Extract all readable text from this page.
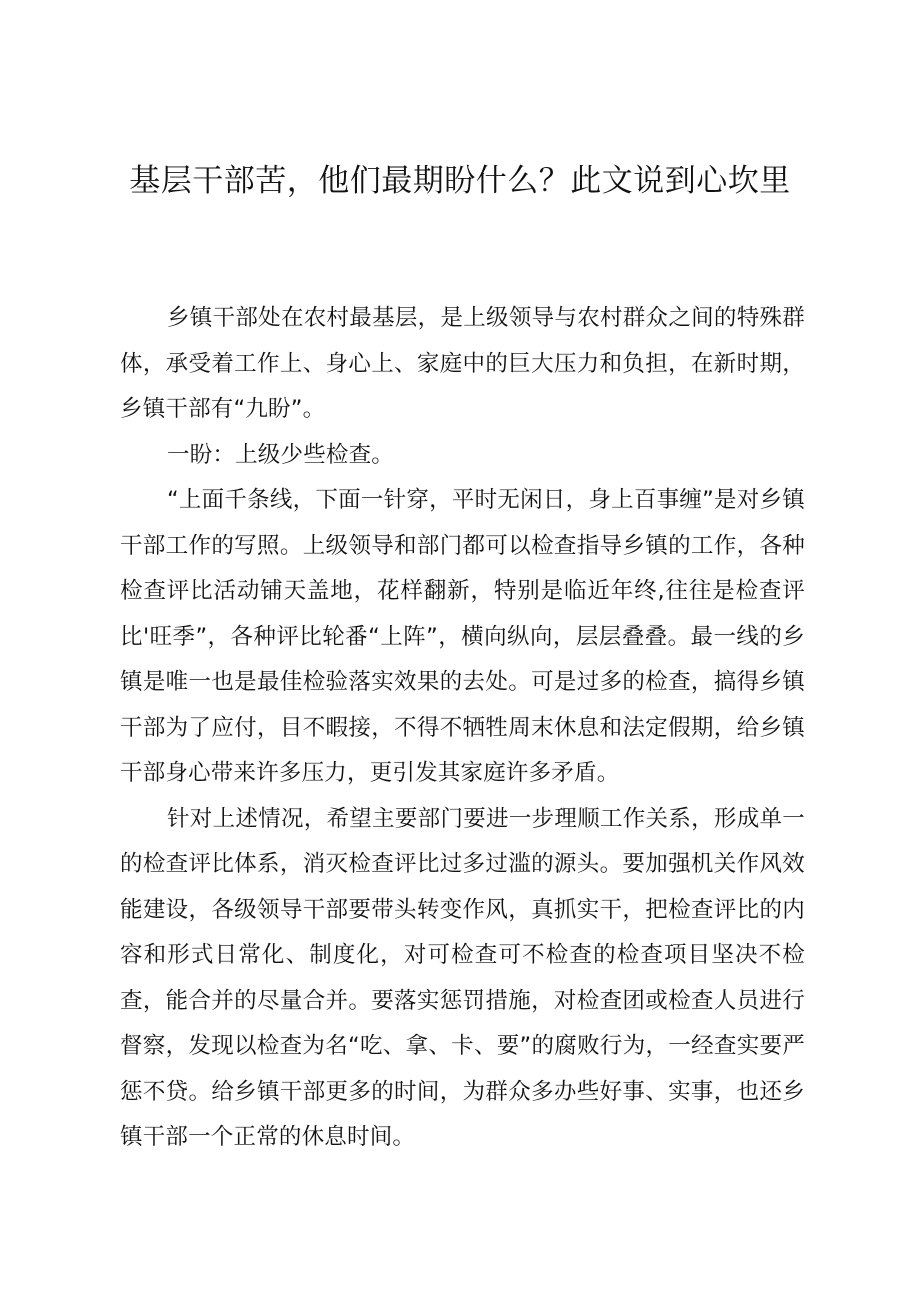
基层干部苦，他们最期盼什么？此文说到心坎里

乡镇干部处在农村最基层，是上级领导与农村群众之间的特殊群体，承受着工作上、身心上、家庭中的巨大压力和负担，在新时期，乡镇干部有“九盼”。

一盼：上级少些检查。

“上面千条线，下面一针穿，平时无闲日，身上百事缠”是对乡镇干部工作的写照。上级领导和部门都可以检查指导乡镇的工作，各种检查评比活动铺天盖地，花样翻新，特别是临近年终,往往是检查评比'旺季”，各种评比轮番“上阵”，横向纵向，层层叠叠。最一线的乡镇是唯一也是最佳检验落实效果的去处。可是过多的检查，搞得乡镇干部为了应付，目不暇接，不得不牺牲周末休息和法定假期，给乡镇干部身心带来许多压力，更引发其家庭许多矛盾。

针对上述情况，希望主要部门要进一步理顺工作关系，形成单一的检查评比体系，消灭检查评比过多过滥的源头。要加强机关作风效能建设，各级领导干部要带头转变作风，真抓实干，把检查评比的内容和形式日常化、制度化，对可检查可不检查的检查项目坚决不检查，能合并的尽量合并。要落实惩罚措施，对检查团或检查人员进行督察，发现以检查为名“吃、拿、卡、要”的腐败行为，一经查实要严惩不贷。给乡镇干部更多的时间，为群众多办些好事、实事，也还乡镇干部一个正常的休息时间。
